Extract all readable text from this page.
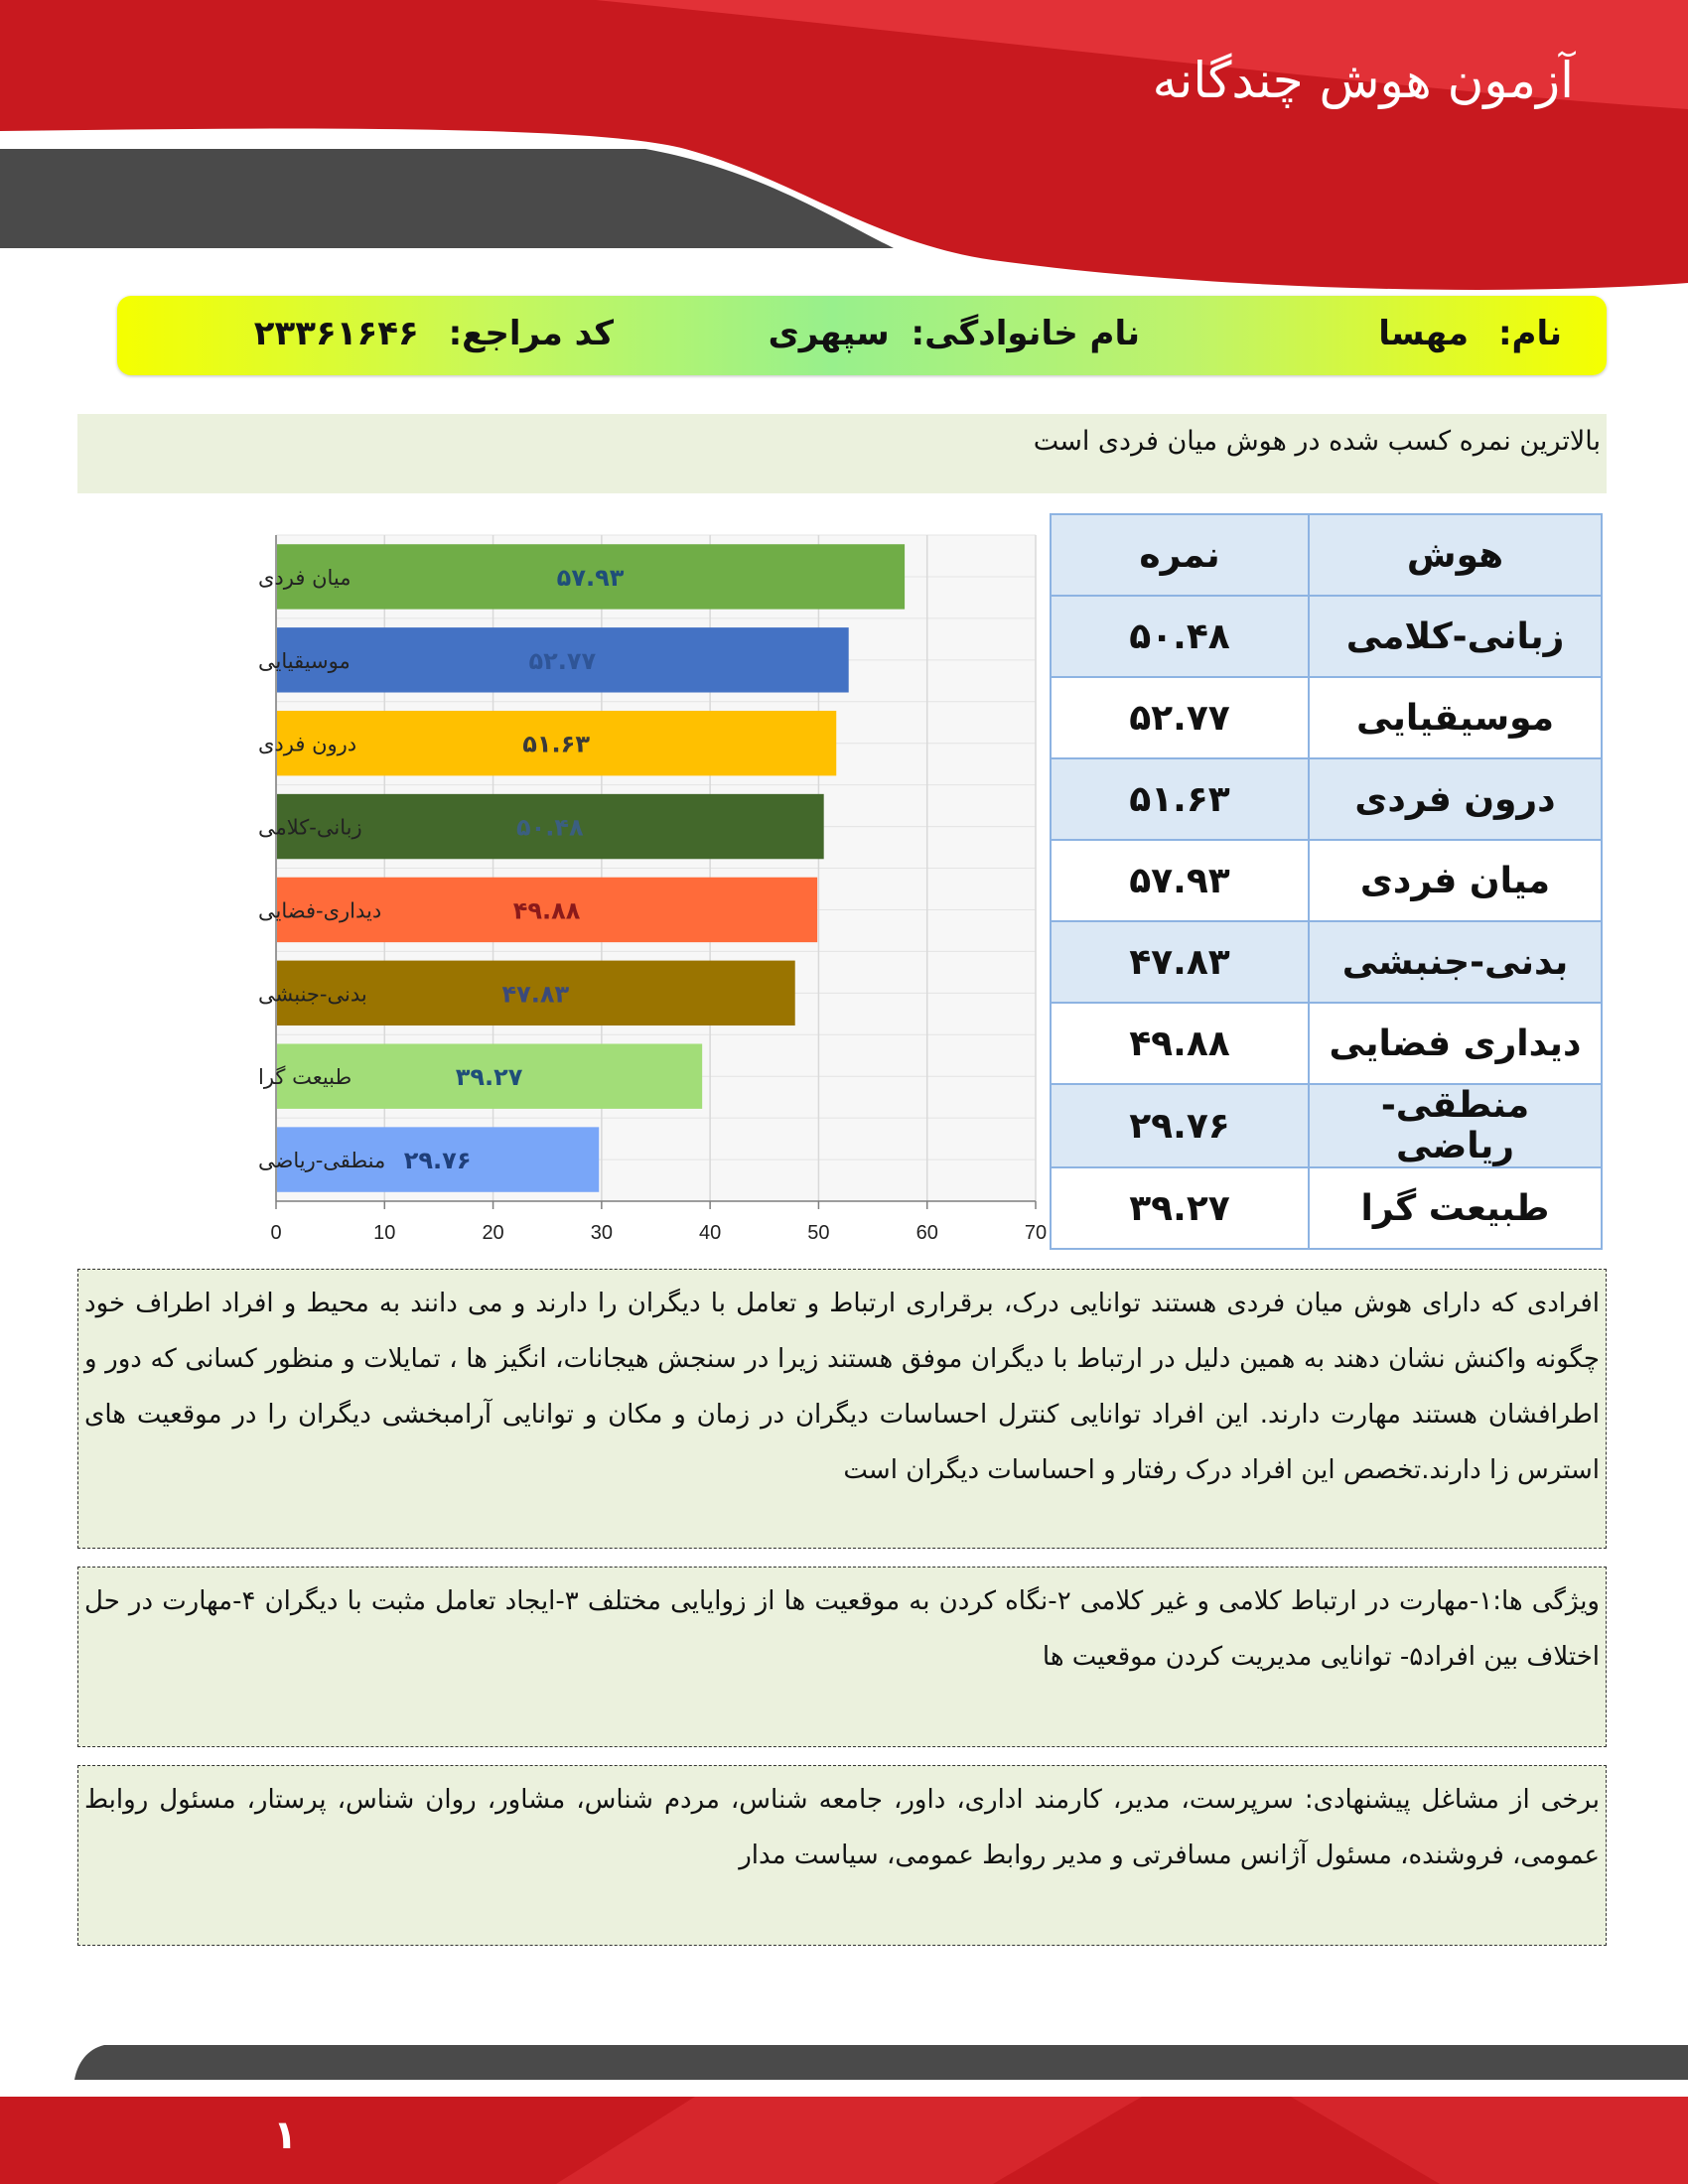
آزمون هوش چندگانه
نام: مهسا
نام خانوادگی: سپهری
کد مراجع: ۲۳۳۶۱۶۴۶
بالاترین نمره کسب شده در هوش میان فردی است
0	10	20	30	40	50	60	70
۵۷.۹۳
میان فردی
۵۲.۷۷
موسیقیایی
۵۱.۶۳
درون فردی
۵۰.۴۸
زبانی-کلامی
۴۹.۸۸
دیداری-فضایی
۴۷.۸۳
بدنی-جنبشی
۳۹.۲۷
طبیعت گرا
۲۹.۷۶
منطقی-ریاضی
هوش	نمره
زبانی-کلامی	۵۰.۴۸
موسیقیایی	۵۲.۷۷
درون فردی	۵۱.۶۳
میان فردی	۵۷.۹۳
بدنی-جنبشی	۴۷.۸۳
دیداری فضایی	۴۹.۸۸
منطقی-ریاضی	۲۹.۷۶
طبیعت گرا	۳۹.۲۷
افرادی که دارای هوش میان فردی هستند توانایی درک، برقراری ارتباط و تعامل با دیگران را دارند و می دانند به محیط و افراد اطراف خود چگونه واکنش نشان دهند به همین دلیل در ارتباط با دیگران موفق هستند زیرا در سنجش هیجانات، انگیز ها ، تمایلات و منظور کسانی که دور و اطرافشان هستند مهارت دارند. این افراد توانایی کنترل احساسات دیگران در زمان و مکان و توانایی آرامبخشی دیگران را در موقعیت های استرس زا دارند.تخصص این افراد درک رفتار و احساسات دیگران است
ویژگی ها:۱-مهارت در ارتباط کلامی و غیر کلامی ۲-نگاه کردن به موقعیت ها از زوایایی مختلف ۳-ایجاد تعامل مثبت با دیگران ۴-مهارت در حل اختلاف بین افراد۵- توانایی مدیریت کردن موقعیت ها
برخی از مشاغل پیشنهادی: سرپرست، مدیر، کارمند اداری، داور، جامعه شناس، مردم شناس، مشاور، روان شناس، پرستار، مسئول روابط عمومی، فروشنده، مسئول آژانس مسافرتی و مدیر روابط عمومی، سیاست مدار
۱
